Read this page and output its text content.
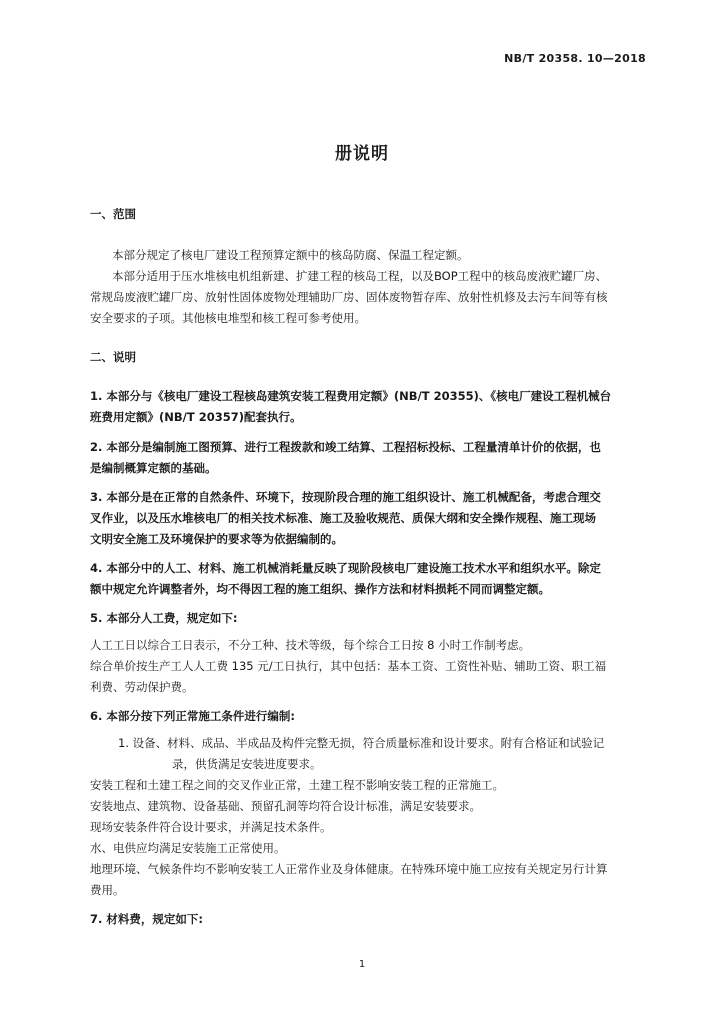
NB/T 20358. 10—2018
册说明
一、范围
本部分规定了核电厂建设工程预算定额中的核岛防腐、保温工程定额。
本部分适用于压水堆核电机组新建、扩建工程的核岛工程，以及BOP工程中的核岛废液贮罐厂房、
常规岛废液贮罐厂房、放射性固体废物处理辅助厂房、固体废物暂存库、放射性机修及去污车间等有核
安全要求的子项。其他核电堆型和核工程可参考使用。
二、说明
1. 本部分与《核电厂建设工程核岛建筑安装工程费用定额》(NB/T 20355)、《核电厂建设工程机械台
班费用定额》(NB/T 20357)配套执行。
2. 本部分是编制施工图预算、进行工程拨款和竣工结算、工程招标投标、工程量清单计价的依据，也
是编制概算定额的基础。
3. 本部分是在正常的自然条件、环境下，按现阶段合理的施工组织设计、施工机械配备，考虑合理交
叉作业，以及压水堆核电厂的相关技术标准、施工及验收规范、质保大纲和安全操作规程、施工现场
文明安全施工及环境保护的要求等为依据编制的。
4. 本部分中的人工、材料、施工机械消耗量反映了现阶段核电厂建设施工技术水平和组织水平。除定
额中规定允许调整者外，均不得因工程的施工组织、操作方法和材料损耗不同而调整定额。
5. 本部分人工费，规定如下:
人工工日以综合工日表示，不分工种、技术等级，每个综合工日按 8 小时工作制考虑。
综合单价按生产工人人工费 135 元/工日执行，其中包括：基本工资、工资性补贴、辅助工资、职工福
利费、劳动保护费。
6. 本部分按下列正常施工条件进行编制:
1. 设备、材料、成品、半成品及构件完整无损，符合质量标准和设计要求。附有合格证和试验记
录，供货满足安装进度要求。
安装工程和土建工程之间的交叉作业正常，土建工程不影响安装工程的正常施工。
安装地点、建筑物、设备基础、预留孔洞等均符合设计标准，满足安装要求。
现场安装条件符合设计要求，并满足技术条件。
水、电供应均满足安装施工正常使用。
地理环境、气候条件均不影响安装工人正常作业及身体健康。在特殊环境中施工应按有关规定另行计算
费用。
7. 材料费，规定如下:
1
